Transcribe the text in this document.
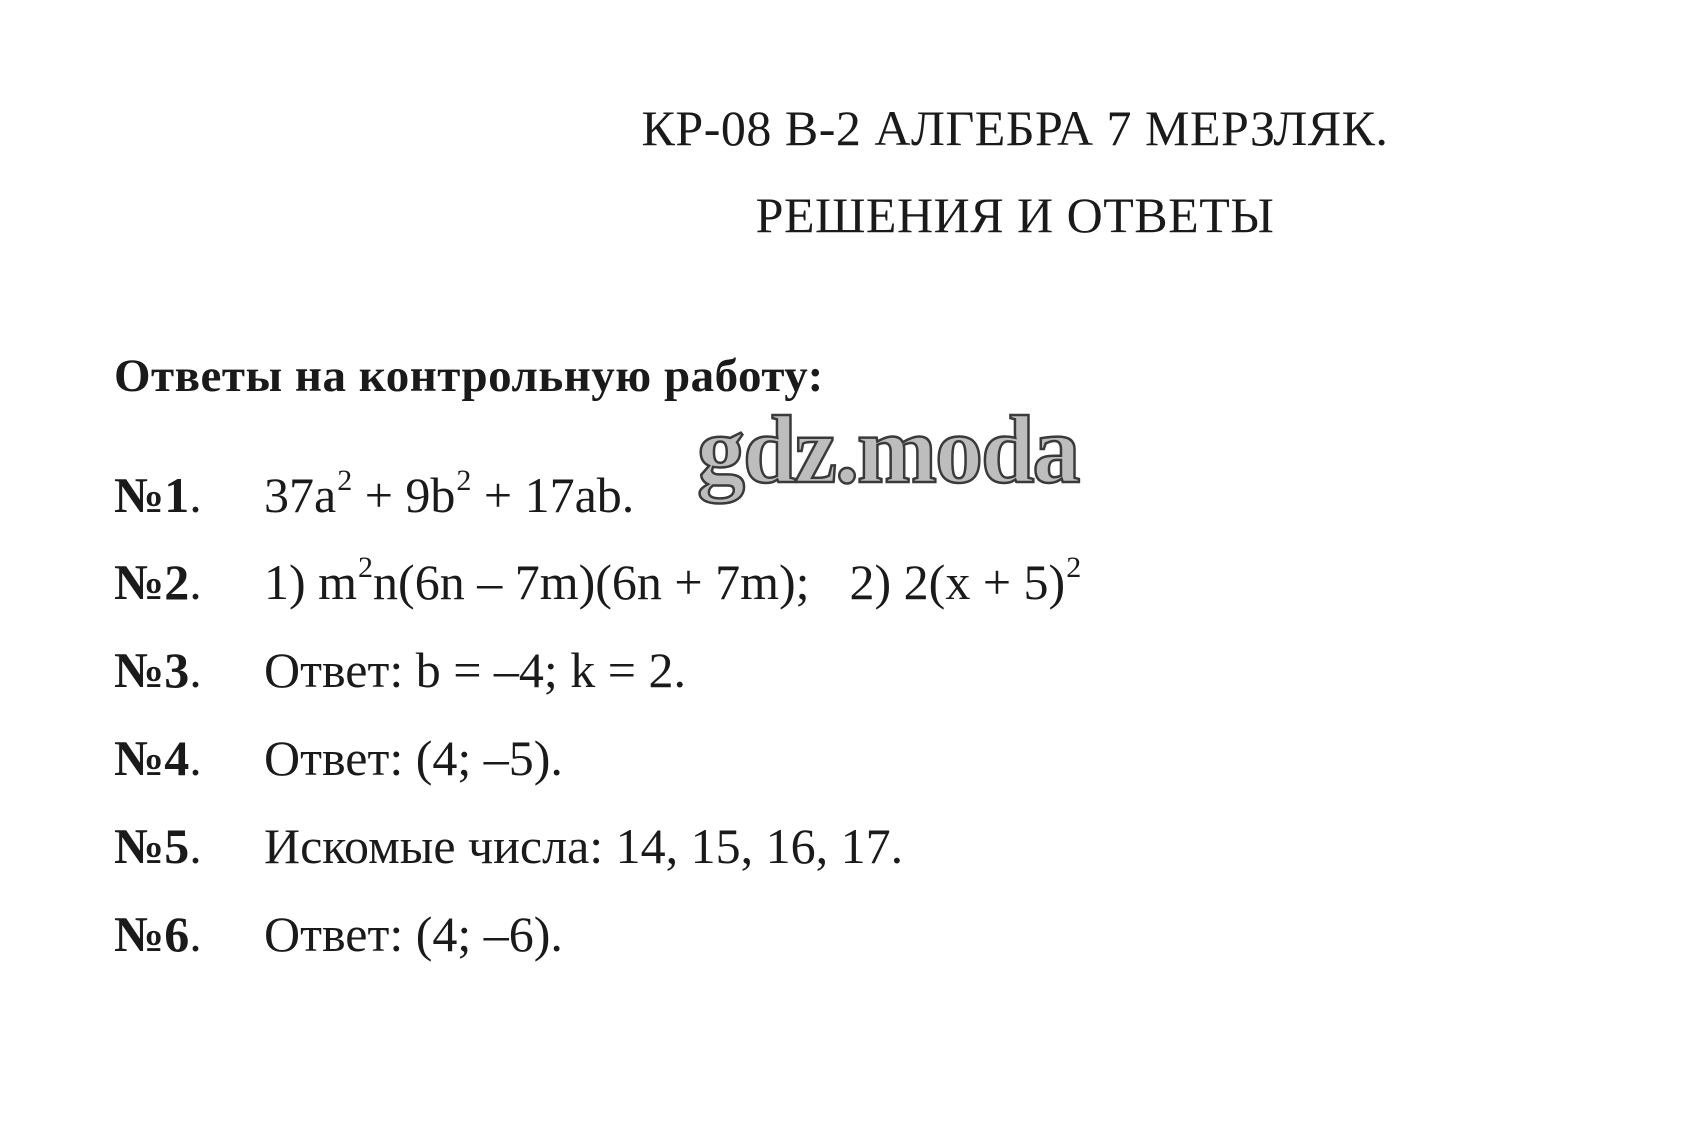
КР-08 В-2 АЛГЕБРА 7 МЕРЗЛЯК.
РЕШЕНИЯ И ОТВЕТЫ
Ответы на контрольную работу:
№1. $37a^2 + 9b^2 + 17ab$.
№2. 1) $m^2n(6n - 7m)(6n + 7m)$; 2) $2(x + 5)^2$
№3. Ответ: b = –4; k = 2.
№4. Ответ: (4; –5).
№5. Искомые числа: 14, 15, 16, 17.
№6. Ответ: (4; –6).
gdz.moda
